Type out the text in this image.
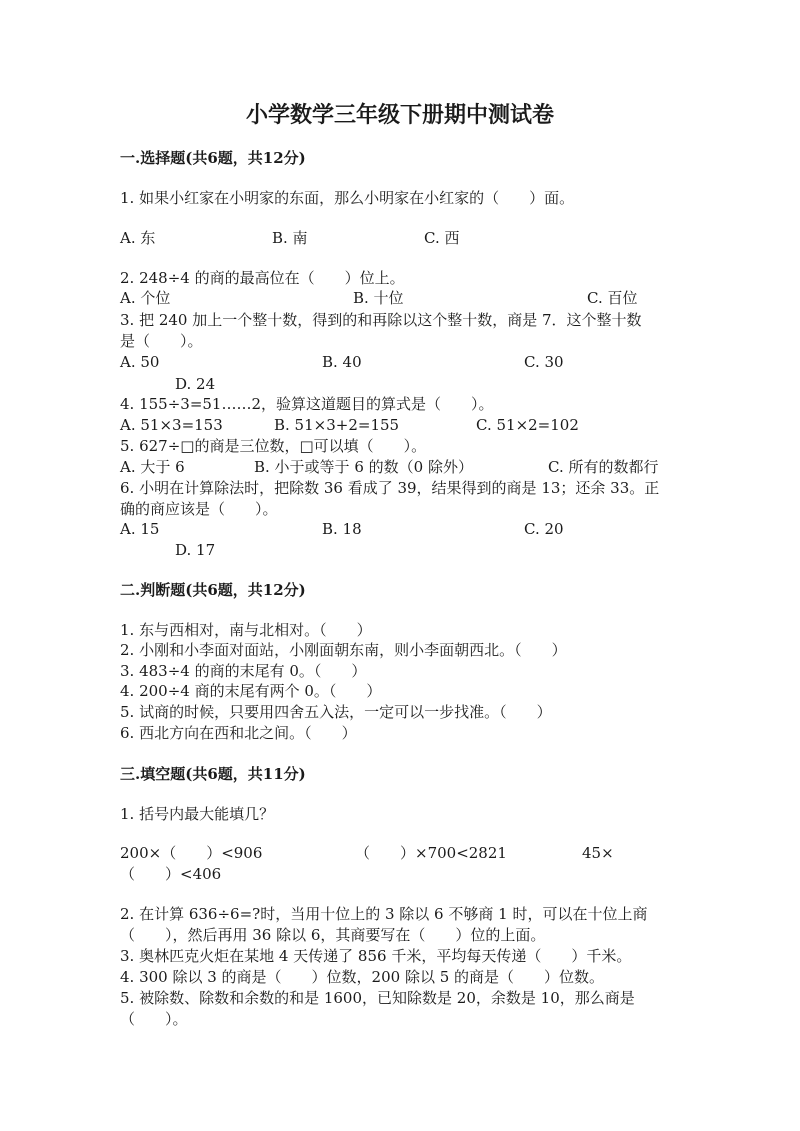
小学数学三年级下册期中测试卷
一.选择题(共6题，共12分)
1. 如果小红家在小明家的东面，那么小明家在小红家的（　　）面。
A. 东	B. 南	C. 西
2. 248÷4 的商的最高位在（　　）位上。
A. 个位	B. 十位	C. 百位
3. 把 240 加上一个整十数，得到的和再除以这个整十数，商是 7．这个整十数
是（　　）。
A. 50	B. 40	C. 30
D. 24
4. 155÷3=51……2，验算这道题目的算式是（　　）。
A. 51×3=153	B. 51×3+2=155	C. 51×2=102
5. 627÷□的商是三位数，□可以填（　　）。
A. 大于 6	B. 小于或等于 6 的数（0 除外）	C. 所有的数都行
6. 小明在计算除法时，把除数 36 看成了 39，结果得到的商是 13；还余 33。正
确的商应该是（　　）。
A. 15	B. 18	C. 20
D. 17
二.判断题(共6题，共12分)
1. 东与西相对，南与北相对。（　　）
2. 小刚和小李面对面站，小刚面朝东南，则小李面朝西北。（　　）
3. 483÷4 的商的末尾有 0。（　　）
4. 200÷4 商的末尾有两个 0。（　　）
5. 试商的时候，只要用四舍五入法，一定可以一步找准。（　　）
6. 西北方向在西和北之间。（　　）
三.填空题(共6题，共11分)
1. 括号内最大能填几？
200×（　　）<906	（　　）×700<2821	45×
（　　）<406
2. 在计算 636÷6=?时，当用十位上的 3 除以 6 不够商 1 时，可以在十位上商
（　　），然后再用 36 除以 6，其商要写在（　　）位的上面。
3. 奥林匹克火炬在某地 4 天传递了 856 千米，平均每天传递（　　）千米。
4. 300 除以 3 的商是（　　）位数，200 除以 5 的商是（　　）位数。
5. 被除数、除数和余数的和是 1600，已知除数是 20，余数是 10，那么商是
（　　）。
